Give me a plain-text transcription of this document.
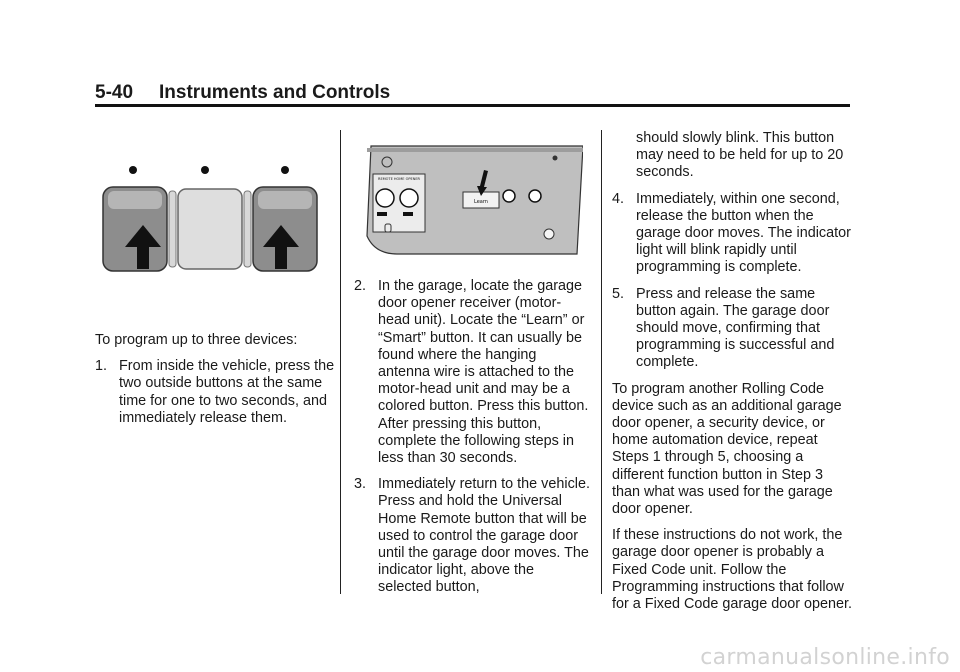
5-40 Instruments and Controls
REMOTE HOME OPENER
Learn

To program up to three devices:

1. From inside the vehicle, press the two outside buttons at the same time for one to two seconds, and immediately release them.
2. In the garage, locate the garage door opener receiver (motor-head unit). Locate the “Learn” or “Smart” button. It can usually be found where the hanging antenna wire is attached to the motor-head unit and may be a colored button. Press this button. After pressing this button, complete the following steps in less than 30 seconds.
3. Immediately return to the vehicle. Press and hold the Universal Home Remote button that will be used to control the garage door until the garage door moves. The indicator light, above the selected button,
should slowly blink. This button may need to be held for up to 20 seconds.
4. Immediately, within one second, release the button when the garage door moves. The indicator light will blink rapidly until programming is complete.
5. Press and release the same button again. The garage door should move, confirming that programming is successful and complete.

To program another Rolling Code device such as an additional garage door opener, a security device, or home automation device, repeat Steps 1 through 5, choosing a different function button in Step 3 than what was used for the garage door opener.

If these instructions do not work, the garage door opener is probably a Fixed Code unit. Follow the Programming instructions that follow for a Fixed Code garage door opener.

carmanualsonline.info
